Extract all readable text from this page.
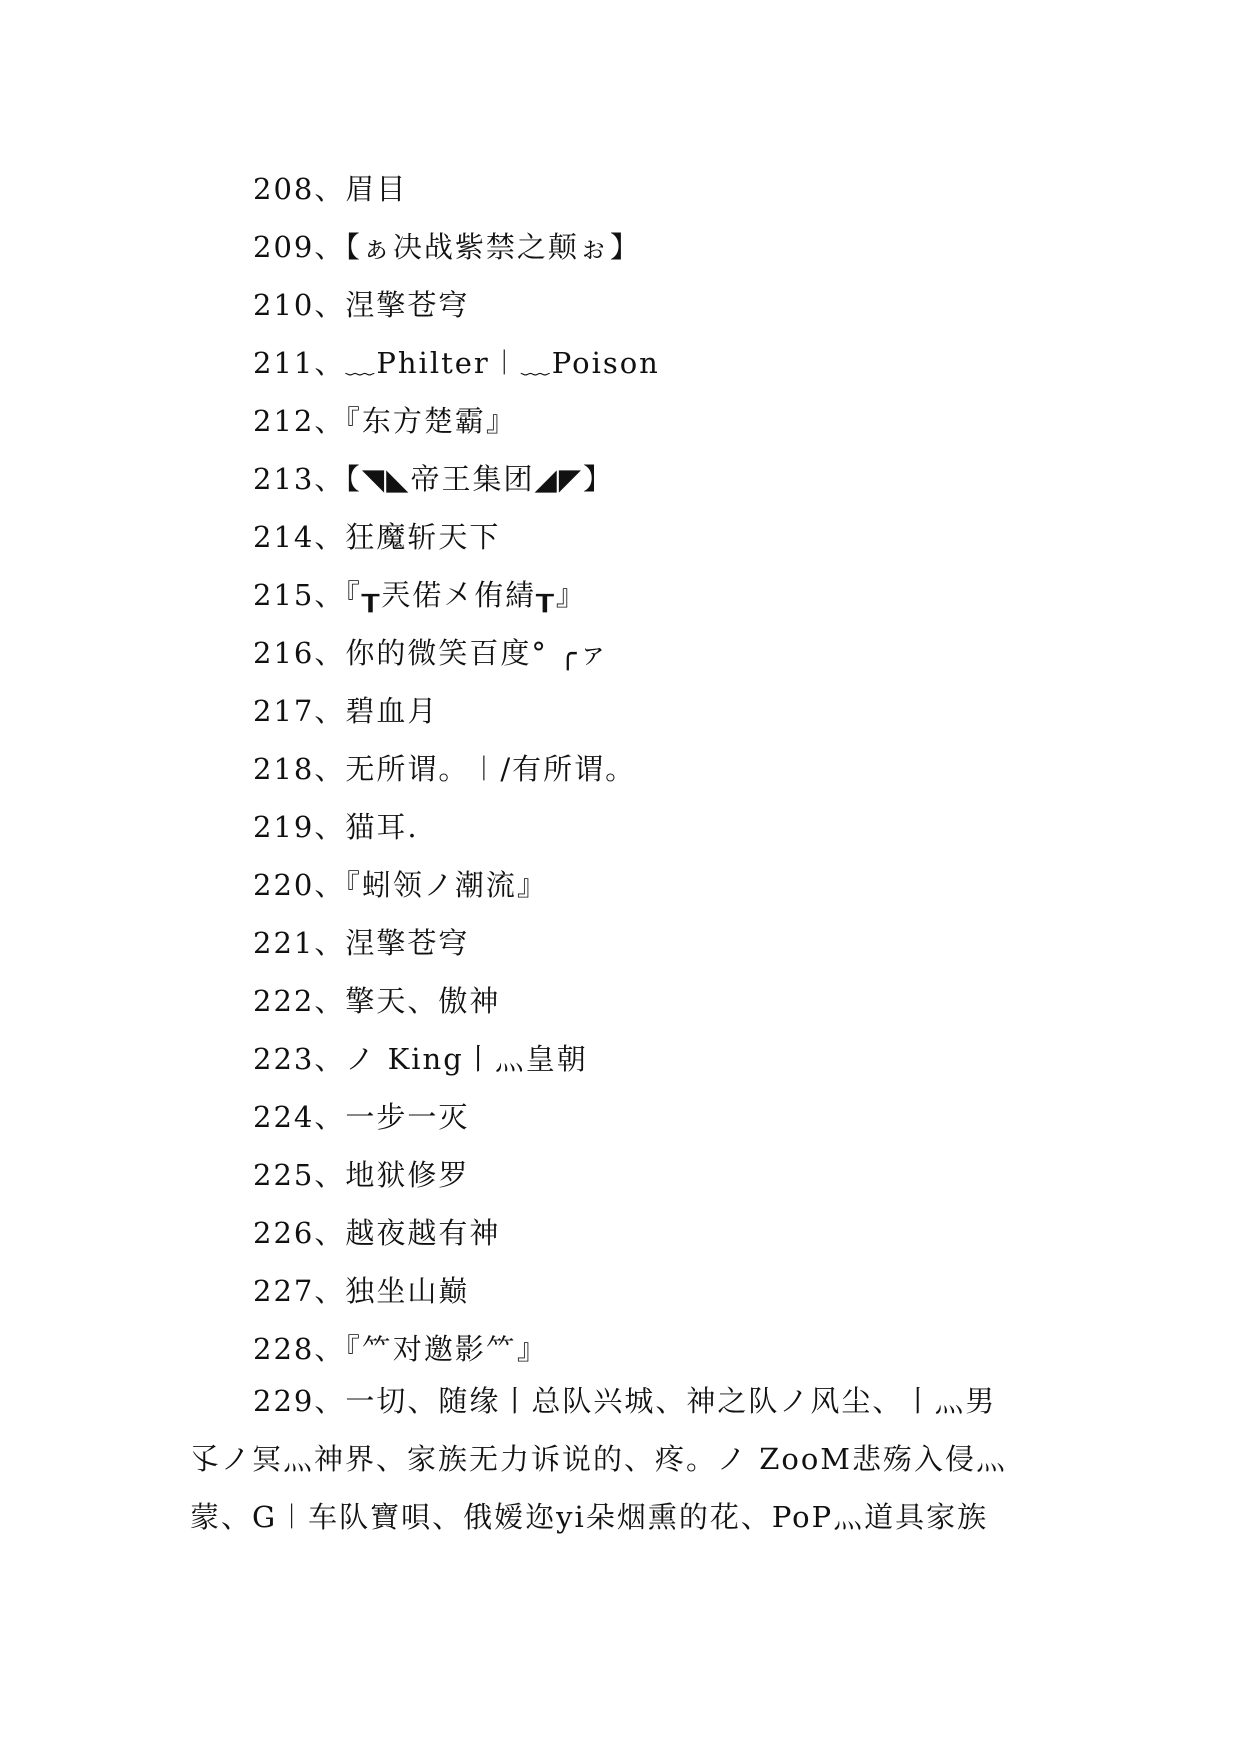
208、眉目
209、【ぁ决战紫禁之颠ぉ】
210、涅擎苍穹
211、﹏Philter︱﹏Poison
212、『东方楚霸』
213、【◥◣帝王集团◢◤】
214、狂魔斩天下
215、『┰兲偌㐅侑綪┰』
216、你的微笑百度° ╭ァ
217、碧血月
218、无所谓。︱/有所谓。
219、猫耳.
220、『蚓领ノ潮流』
221、涅擎苍穹
222、擎天、傲神
223、ノ King丨灬皇朝
224、一步一灭
225、地狱修罗
226、越夜越有神
227、独坐山巅
228、『⺮对邀影⺮』
229、一切、随缘丨总队兴城、神之队ノ风尘、丨灬男
孓ノ冥灬神界、家族无力诉说的、疼。ノ ZooM悲殇入侵灬
蒙、G︱车队寶唄、俄嫒迩yi朵烟熏的花、PoP灬道具家族
